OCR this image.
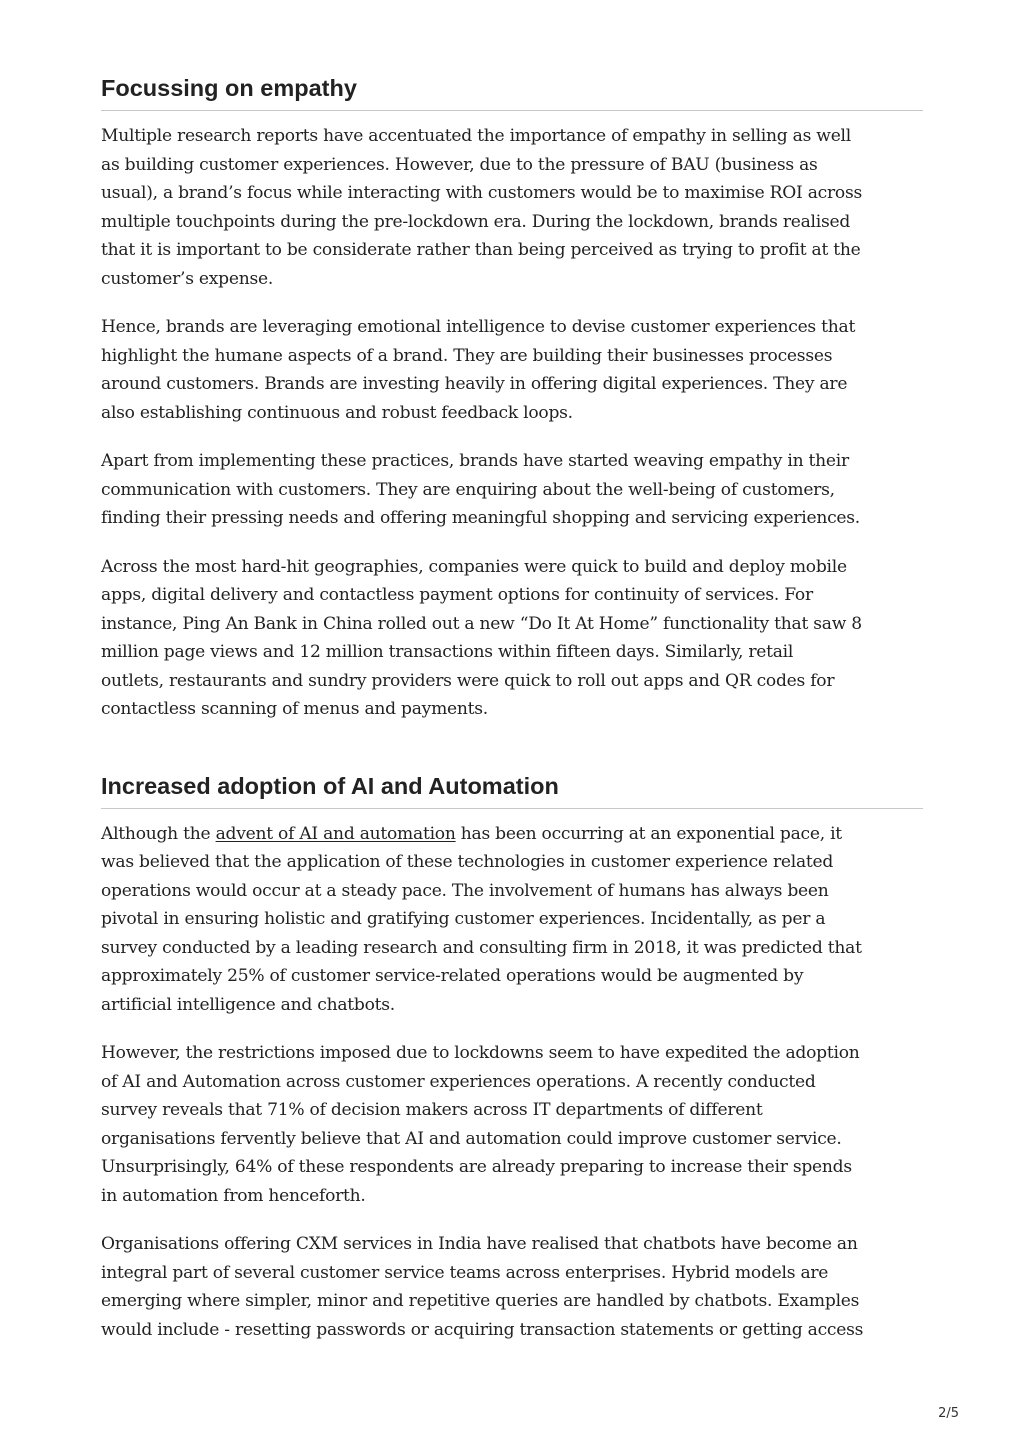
Focussing on empathy

Multiple research reports have accentuated the importance of empathy in selling as well
as building customer experiences. However, due to the pressure of BAU (business as
usual), a brand’s focus while interacting with customers would be to maximise ROI across
multiple touchpoints during the pre-lockdown era. During the lockdown, brands realised
that it is important to be considerate rather than being perceived as trying to profit at the
customer’s expense.

Hence, brands are leveraging emotional intelligence to devise customer experiences that
highlight the humane aspects of a brand. They are building their businesses processes
around customers. Brands are investing heavily in offering digital experiences. They are
also establishing continuous and robust feedback loops.

Apart from implementing these practices, brands have started weaving empathy in their
communication with customers. They are enquiring about the well-being of customers,
finding their pressing needs and offering meaningful shopping and servicing experiences.

Across the most hard-hit geographies, companies were quick to build and deploy mobile
apps, digital delivery and contactless payment options for continuity of services. For
instance, Ping An Bank in China rolled out a new “Do It At Home” functionality that saw 8
million page views and 12 million transactions within fifteen days. Similarly, retail
outlets, restaurants and sundry providers were quick to roll out apps and QR codes for
contactless scanning of menus and payments.

Increased adoption of AI and Automation

Although the advent of AI and automation has been occurring at an exponential pace, it
was believed that the application of these technologies in customer experience related
operations would occur at a steady pace. The involvement of humans has always been
pivotal in ensuring holistic and gratifying customer experiences. Incidentally, as per a
survey conducted by a leading research and consulting firm in 2018, it was predicted that
approximately 25% of customer service-related operations would be augmented by
artificial intelligence and chatbots.

However, the restrictions imposed due to lockdowns seem to have expedited the adoption
of AI and Automation across customer experiences operations. A recently conducted
survey reveals that 71% of decision makers across IT departments of different
organisations fervently believe that AI and automation could improve customer service.
Unsurprisingly, 64% of these respondents are already preparing to increase their spends
in automation from henceforth.

Organisations offering CXM services in India have realised that chatbots have become an
integral part of several customer service teams across enterprises. Hybrid models are
emerging where simpler, minor and repetitive queries are handled by chatbots. Examples
would include - resetting passwords or acquiring transaction statements or getting access

2/5
